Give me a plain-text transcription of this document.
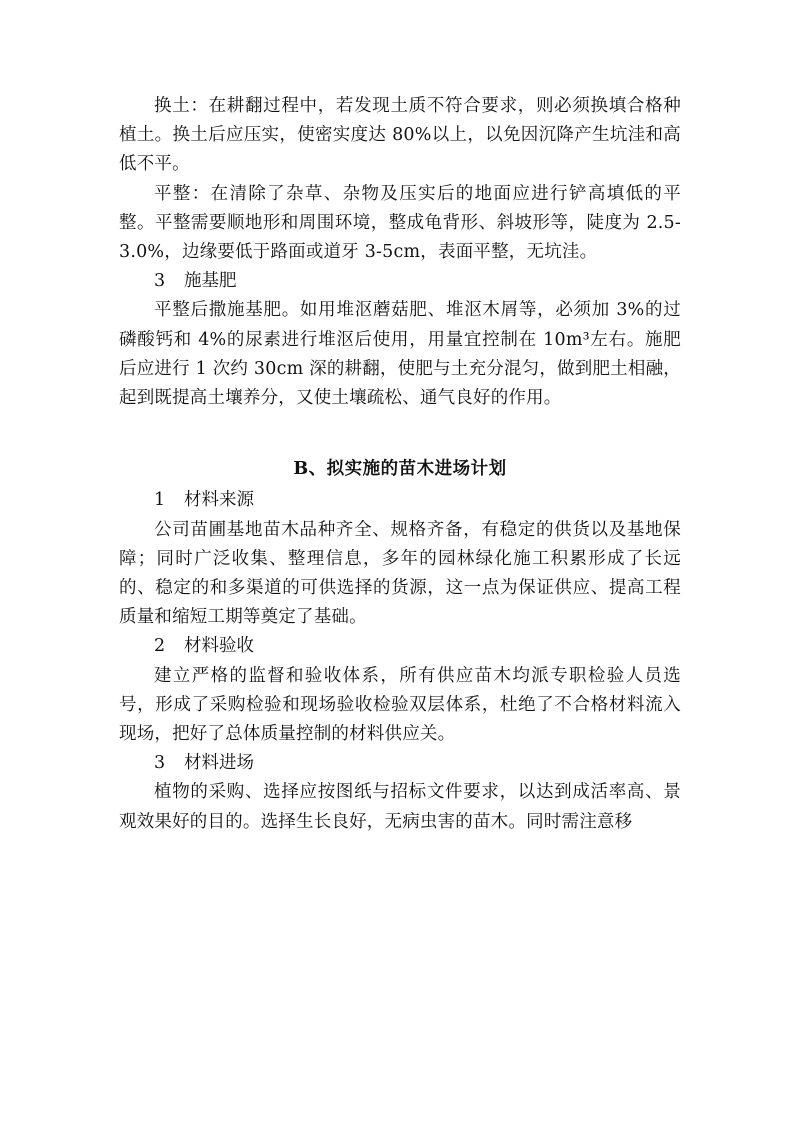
换土：在耕翻过程中，若发现土质不符合要求，则必须换填合格种植土。换土后应压实，使密实度达 80%以上，以免因沉降产生坑洼和高低不平。

平整：在清除了杂草、杂物及压实后的地面应进行铲高填低的平整。平整需要顺地形和周围环境，整成龟背形、斜坡形等，陡度为 2.5-3.0%，边缘要低于路面或道牙 3-5cm，表面平整，无坑洼。

3 施基肥

平整后撒施基肥。如用堆沤蘑菇肥、堆沤木屑等，必须加 3%的过磷酸钙和 4%的尿素进行堆沤后使用，用量宜控制在 10m³左右。施肥后应进行 1 次约 30cm 深的耕翻，使肥与土充分混匀，做到肥土相融，起到既提高土壤养分，又使土壤疏松、通气良好的作用。

B、拟实施的苗木进场计划

1 材料来源

公司苗圃基地苗木品种齐全、规格齐备，有稳定的供货以及基地保障；同时广泛收集、整理信息，多年的园林绿化施工积累形成了长远的、稳定的和多渠道的可供选择的货源，这一点为保证供应、提高工程质量和缩短工期等奠定了基础。

2 材料验收

建立严格的监督和验收体系，所有供应苗木均派专职检验人员选号，形成了采购检验和现场验收检验双层体系，杜绝了不合格材料流入现场，把好了总体质量控制的材料供应关。

3 材料进场

植物的采购、选择应按图纸与招标文件要求，以达到成活率高、景观效果好的目的。选择生长良好，无病虫害的苗木。同时需注意移
